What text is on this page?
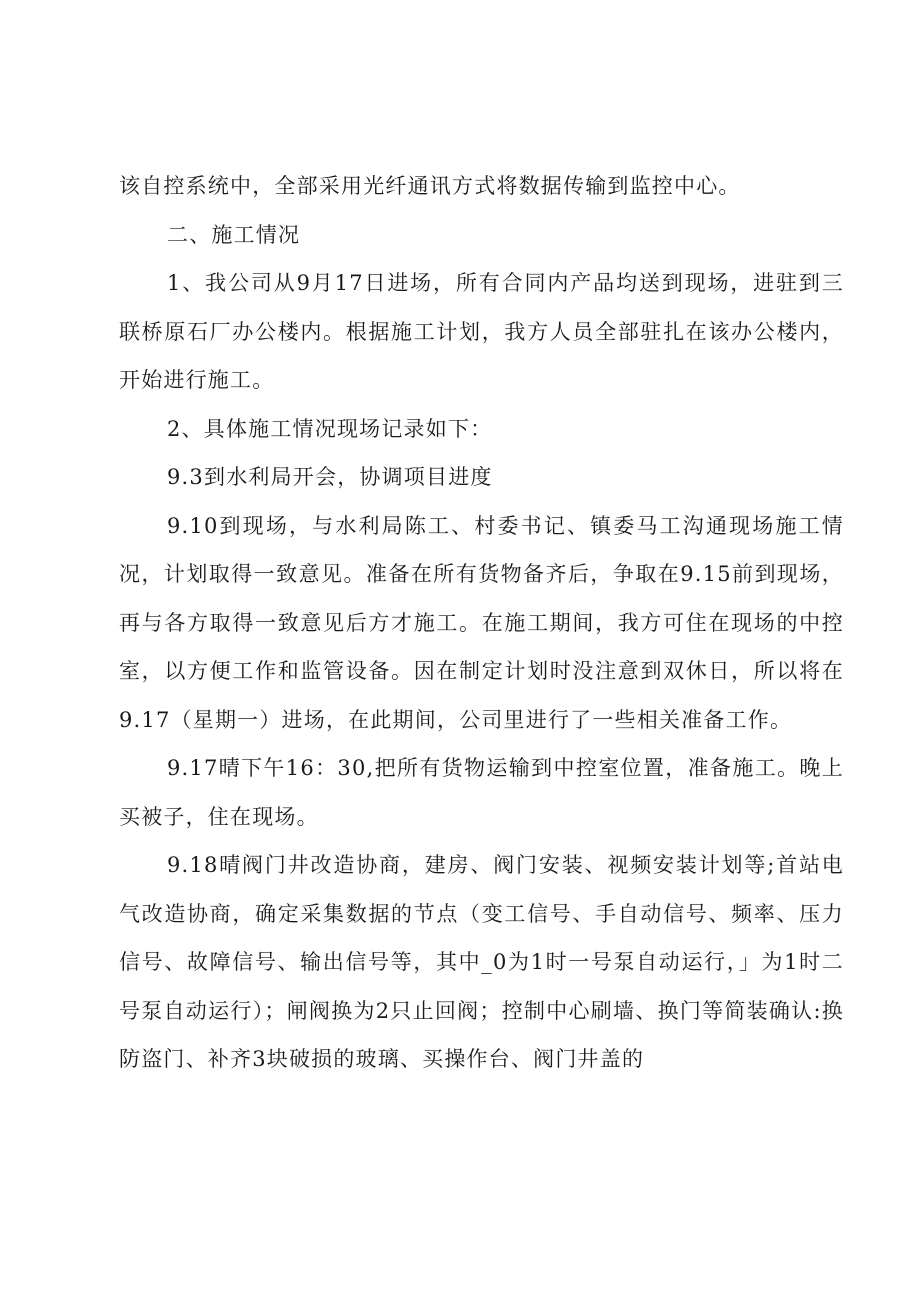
该自控系统中，全部采用光纤通讯方式将数据传输到监控中心。

二、施工情况

1、我公司从9月17日进场，所有合同内产品均送到现场，进驻到三联桥原石厂办公楼内。根据施工计划，我方人员全部驻扎在该办公楼内，开始进行施工。

2、具体施工情况现场记录如下：

9.3到水利局开会，协调项目进度

9.10到现场，与水利局陈工、村委书记、镇委马工沟通现场施工情况，计划取得一致意见。准备在所有货物备齐后，争取在9.15前到现场，再与各方取得一致意见后方才施工。在施工期间，我方可住在现场的中控室，以方便工作和监管设备。因在制定计划时没注意到双休日，所以将在9.17（星期一）进场，在此期间，公司里进行了一些相关准备工作。

9.17晴下午16：30,把所有货物运输到中控室位置，准备施工。晚上买被子，住在现场。

9.18晴阀门井改造协商，建房、阀门安装、视频安装计划等;首站电气改造协商，确定采集数据的节点（变工信号、手自动信号、频率、压力信号、故障信号、输出信号等，其中_0为1时一号泵自动运行，」为1时二号泵自动运行）；闸阀换为2只止回阀；控制中心刷墙、换门等简装确认:换防盗门、补齐3块破损的玻璃、买操作台、阀门井盖的
